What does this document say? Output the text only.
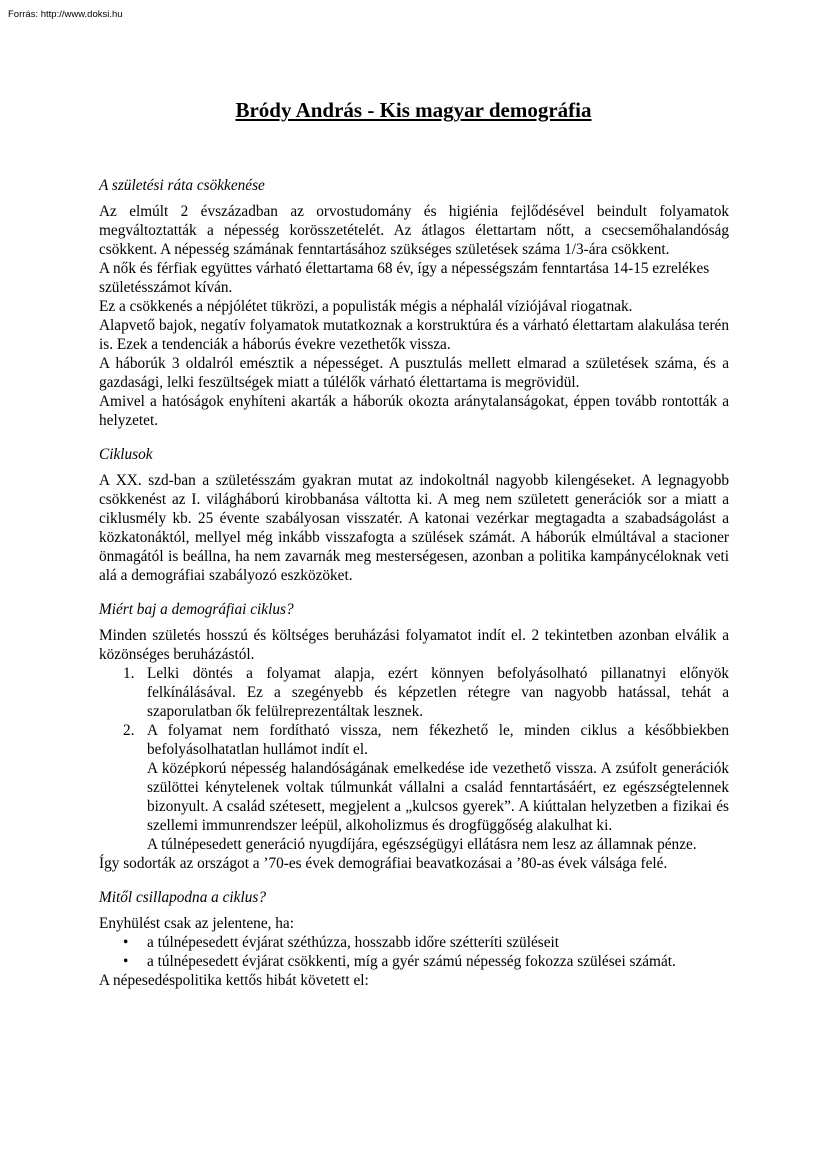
Forrás: http://www.doksi.hu
Bródy András - Kis magyar demográfia

A születési ráta csökkenése

Az elmúlt 2 évszázadban az orvostudomány és higiénia fejlődésével beindult folyamatok megváltoztatták a népesség korösszetételét. Az átlagos élettartam nőtt, a csecsemőhalandóság csökkent. A népesség számának fenntartásához szükséges születések száma 1/3-ára csökkent.

A nők és férfiak együttes várható élettartama 68 év, így a népességszám fenntartása 14-15 ezrelékes születésszámot kíván.

Ez a csökkenés a népjólétet tükrözi, a populisták mégis a néphalál víziójával riogatnak.

Alapvető bajok, negatív folyamatok mutatkoznak a korstruktúra és a várható élettartam alakulása terén is. Ezek a tendenciák a háborús évekre vezethetők vissza.

A háborúk 3 oldalról emésztik a népességet. A pusztulás mellett elmarad a születések száma, és a gazdasági, lelki feszültségek miatt a túlélők várható élettartama is megrövidül.

Amivel a hatóságok enyhíteni akarták a háborúk okozta aránytalanságokat, éppen tovább rontották a helyzetet.

Ciklusok

A XX. szd-ban a születésszám gyakran mutat az indokoltnál nagyobb kilengéseket. A legnagyobb csökkenést az I. világháború kirobbanása váltotta ki. A meg nem született generációk sor a miatt a ciklusmély kb. 25 évente szabályosan visszatér. A katonai vezérkar megtagadta a szabadságolást a közkatonáktól, mellyel még inkább visszafogta a szülések számát. A háborúk elmúltával a stacioner önmagától is beállna, ha nem zavarnák meg mesterségesen, azonban a politika kampánycéloknak veti alá a demográfiai szabályozó eszközöket.

Miért baj a demográfiai ciklus?

Minden születés hosszú és költséges beruházási folyamatot indít el. 2 tekintetben azonban elválik a közönséges beruházástól.

1. Lelki döntés a folyamat alapja, ezért könnyen befolyásolható pillanatnyi előnyök felkínálásával. Ez a szegényebb és képzetlen rétegre van nagyobb hatással, tehát a szaporulatban ők felülreprezentáltak lesznek.
2. A folyamat nem fordítható vissza, nem fékezhető le, minden ciklus a későbbiekben befolyásolhatatlan hullámot indít el.

A középkorú népesség halandóságának emelkedése ide vezethető vissza. A zsúfolt generációk szülöttei kénytelenek voltak túlmunkát vállalni a család fenntartásáért, ez egészségtelennek bizonyult. A család szétesett, megjelent a „kulcsos gyerek”. A kiúttalan helyzetben a fizikai és szellemi immunrendszer leépül, alkoholizmus és drogfüggőség alakulhat ki.

A túlnépesedett generáció nyugdíjára, egészségügyi ellátásra nem lesz az államnak pénze.

Így sodorták az országot a ’70-es évek demográfiai beavatkozásai a ’80-as évek válsága felé.

Mitől csillapodna a ciklus?

Enyhülést csak az jelentene, ha:

• a túlnépesedett évjárat széthúzza, hosszabb időre szétteríti szüléseit
• a túlnépesedett évjárat csökkenti, míg a gyér számú népesség fokozza szülései számát.

A népesedéspolitika kettős hibát követett el:
